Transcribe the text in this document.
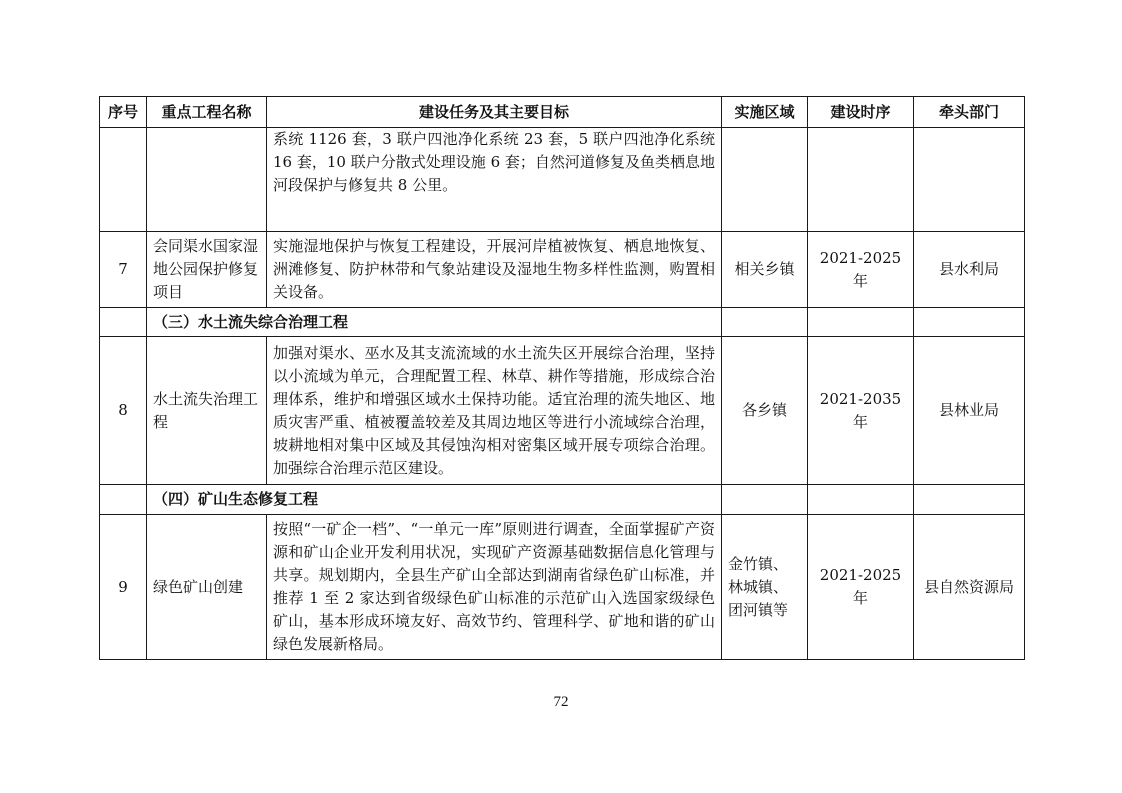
序号	重点工程名称	建设任务及其主要目标	实施区域	建设时序	牵头部门
		系统 1126 套，3 联户四池净化系统 23 套，5 联户四池净化系统 16 套，10 联户分散式处理设施 6 套；自然河道修复及鱼类栖息地河段保护与修复共 8 公里。			
7	会同渠水国家湿地公园保护修复项目	实施湿地保护与恢复工程建设，开展河岸植被恢复、栖息地恢复、洲滩修复、防护林带和气象站建设及湿地生物多样性监测，购置相关设备。	相关乡镇	2021-2025 年	县水利局
	（三）水土流失综合治理工程				
8	水土流失治理工程	加强对渠水、巫水及其支流流域的水土流失区开展综合治理，坚持以小流域为单元，合理配置工程、林草、耕作等措施，形成综合治理体系，维护和增强区域水土保持功能。适宜治理的流失地区、地质灾害严重、植被覆盖较差及其周边地区等进行小流域综合治理，坡耕地相对集中区域及其侵蚀沟相对密集区域开展专项综合治理。加强综合治理示范区建设。	各乡镇	2021-2035 年	县林业局
	（四）矿山生态修复工程				
9	绿色矿山创建	按照“一矿企一档”、“一单元一库”原则进行调查，全面掌握矿产资源和矿山企业开发利用状况，实现矿产资源基础数据信息化管理与共享。规划期内，全县生产矿山全部达到湖南省绿色矿山标准，并推荐 1 至 2 家达到省级绿色矿山标准的示范矿山入选国家级绿色矿山，基本形成环境友好、高效节约、管理科学、矿地和谐的矿山绿色发展新格局。	金竹镇、林城镇、团河镇等	2021-2025 年	县自然资源局
72
